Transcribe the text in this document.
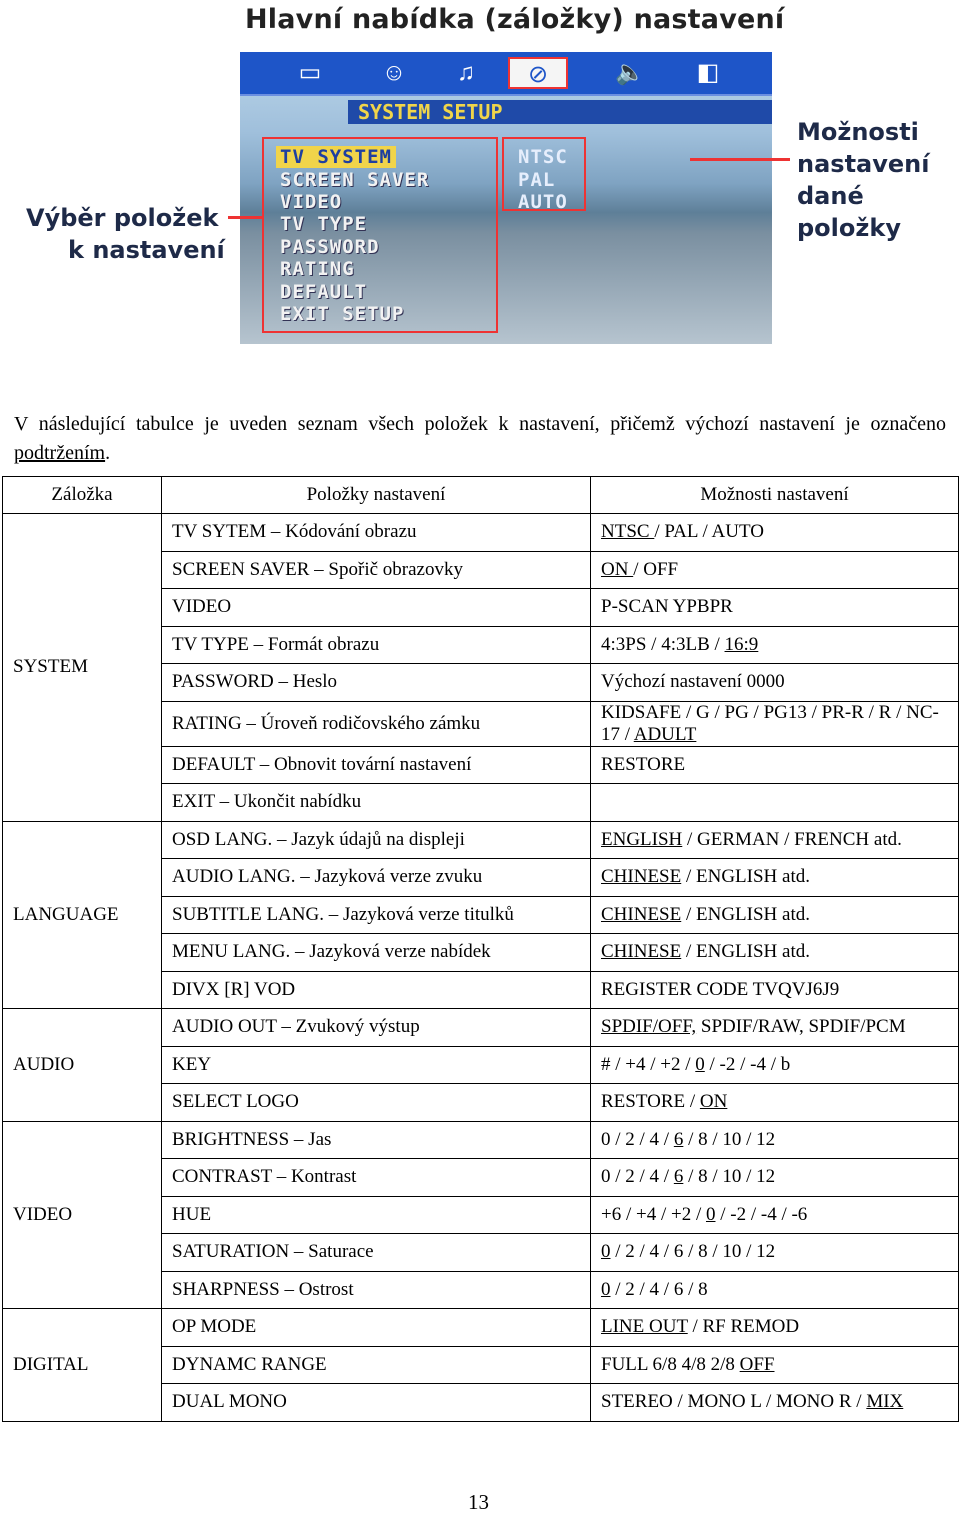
Hlavní nabídka (záložky) nastavení
▭	☺	♫	⊘	🔈	◧
SYSTEM SETUP
TV SYSTEM
SCREEN SAVER
VIDEO
TV TYPE
PASSWORD
RATING
DEFAULT
EXIT SETUP
NTSC
PAL
AUTO
Výběr položek
k nastavení
Možnosti
nastavení
dané
položky
V následující tabulce je uveden seznam všech položek k nastavení, přičemž výchozí nastavení je označeno podtržením.
Záložka	Položky nastavení	Možnosti nastavení
SYSTEM	TV SYTEM – Kódování obrazu	NTSC / PAL / AUTO
	SCREEN SAVER – Spořič obrazovky	ON / OFF
	VIDEO	P-SCAN YPBPR
	TV TYPE – Formát obrazu	4:3PS / 4:3LB / 16:9
	PASSWORD – Heslo	Výchozí nastavení 0000
	RATING – Úroveň rodičovského zámku	KIDSAFE / G / PG / PG13 / PR-R / R / NC-17 / ADULT
	DEFAULT – Obnovit tovární nastavení	RESTORE
	EXIT – Ukončit nabídku	
LANGUAGE	OSD LANG. – Jazyk údajů na displeji	ENGLISH / GERMAN / FRENCH atd.
	AUDIO LANG. – Jazyková verze zvuku	CHINESE / ENGLISH atd.
	SUBTITLE LANG. – Jazyková verze titulků	CHINESE / ENGLISH atd.
	MENU LANG. – Jazyková verze nabídek	CHINESE / ENGLISH atd.
	DIVX [R] VOD	REGISTER CODE TVQVJ6J9
AUDIO	AUDIO OUT – Zvukový výstup	SPDIF/OFF, SPDIF/RAW, SPDIF/PCM
	KEY	# / +4 / +2 / 0 / -2 / -4 / b
	SELECT LOGO	RESTORE / ON
VIDEO	BRIGHTNESS – Jas	0 / 2 / 4 / 6 / 8 / 10 / 12
	CONTRAST – Kontrast	0 / 2 / 4 / 6 / 8 / 10 / 12
	HUE	+6 / +4 / +2 / 0 / -2 / -4 / -6
	SATURATION – Saturace	0 / 2 / 4 / 6 / 8 / 10 / 12
	SHARPNESS – Ostrost	0 / 2 / 4 / 6 / 8
DIGITAL	OP MODE	LINE OUT / RF REMOD
	DYNAMC RANGE	FULL 6/8 4/8 2/8 OFF
	DUAL MONO	STEREO / MONO L / MONO R / MIX
13
